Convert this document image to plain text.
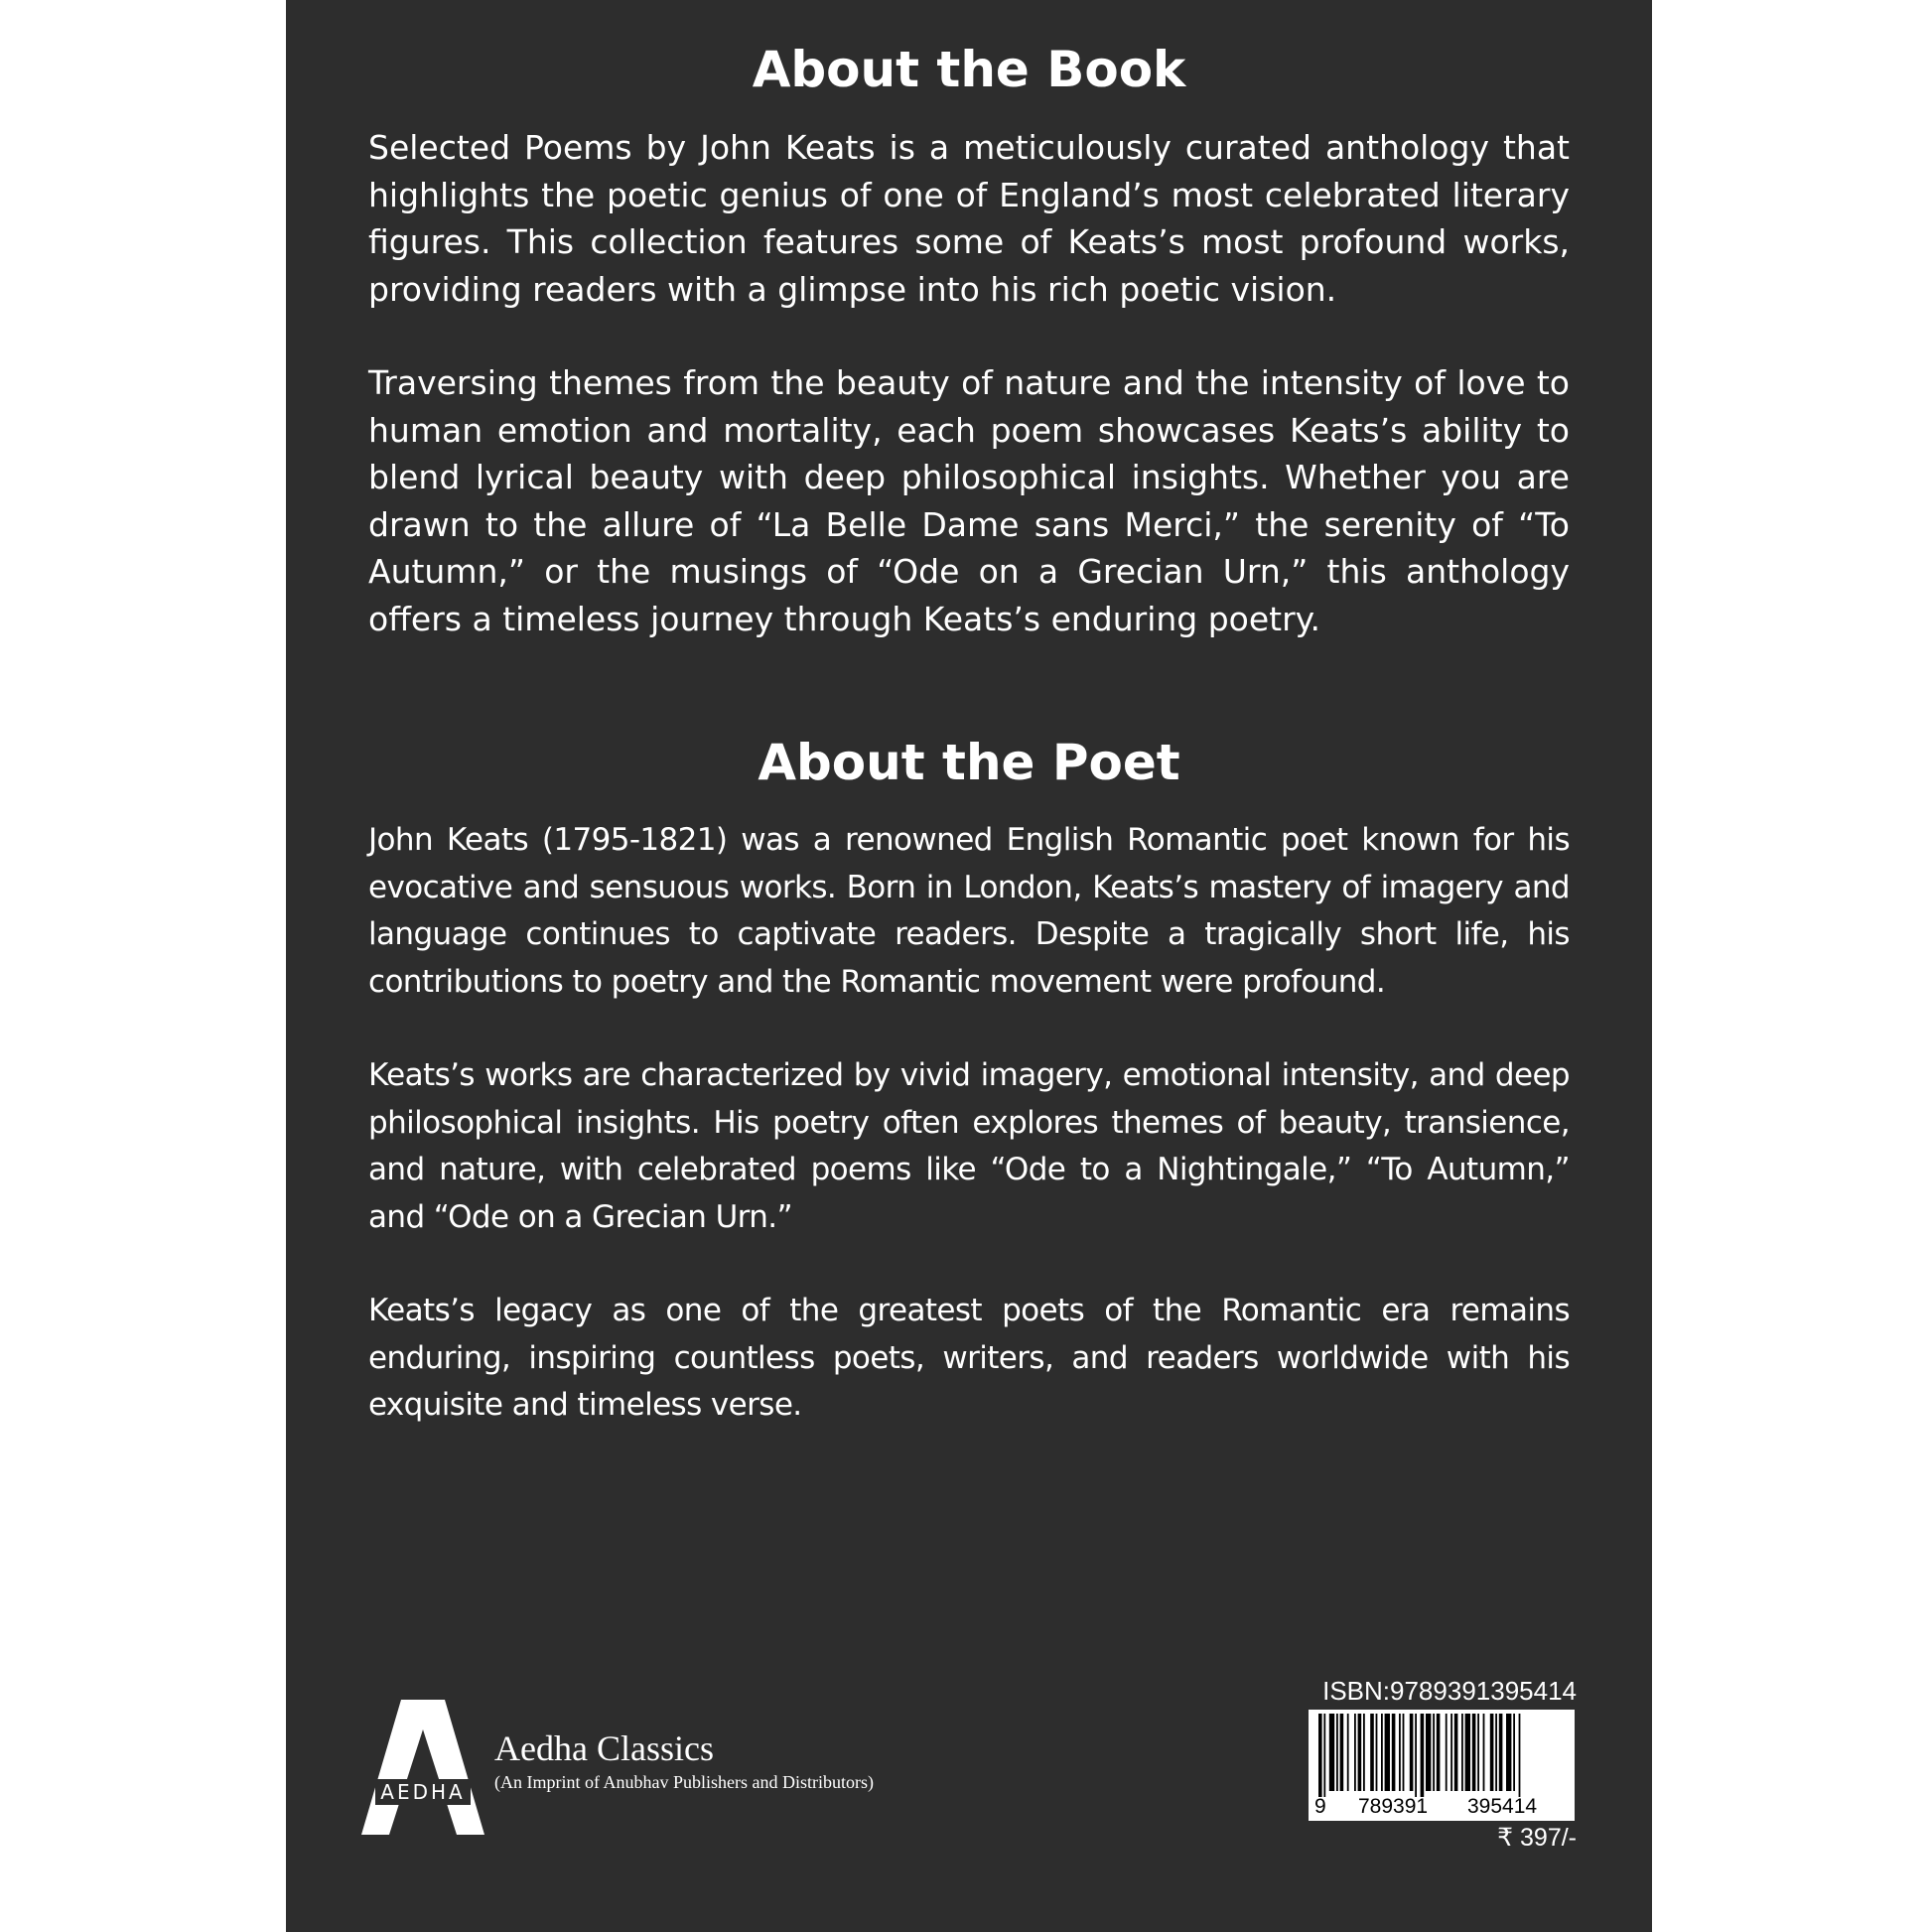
About the Book

Selected Poems by John Keats is a meticulously curated anthology that highlights the poetic genius of one of England’s most celebrated literary figures. This collection features some of Keats’s most profound works, providing readers with a glimpse into his rich poetic vision.

Traversing themes from the beauty of nature and the intensity of love to human emotion and mortality, each poem showcases Keats’s ability to blend lyrical beauty with deep philosophical insights. Whether you are drawn to the allure of “La Belle Dame sans Merci,” the serenity of “To Autumn,” or the musings of “Ode on a Grecian Urn,” this anthology offers a timeless journey through Keats’s enduring poetry.

About the Poet

John Keats (1795-1821) was a renowned English Romantic poet known for his evocative and sensuous works. Born in London, Keats’s mastery of imagery and language continues to captivate readers. Despite a tragically short life, his contributions to poetry and the Romantic movement were profound.

Keats’s works are characterized by vivid imagery, emotional intensity, and deep philosophical insights. His poetry often explores themes of beauty, transience, and nature, with celebrated poems like “Ode to a Nightingale,” “To Autumn,” and “Ode on a Grecian Urn.”

Keats’s legacy as one of the greatest poets of the Romantic era remains enduring, inspiring countless poets, writers, and readers worldwide with his exquisite and timeless verse.

AEDHA
Aedha Classics
(An Imprint of Anubhav Publishers and Distributors)
ISBN:9789391395414
9 789391 395414
₹ 397/-
